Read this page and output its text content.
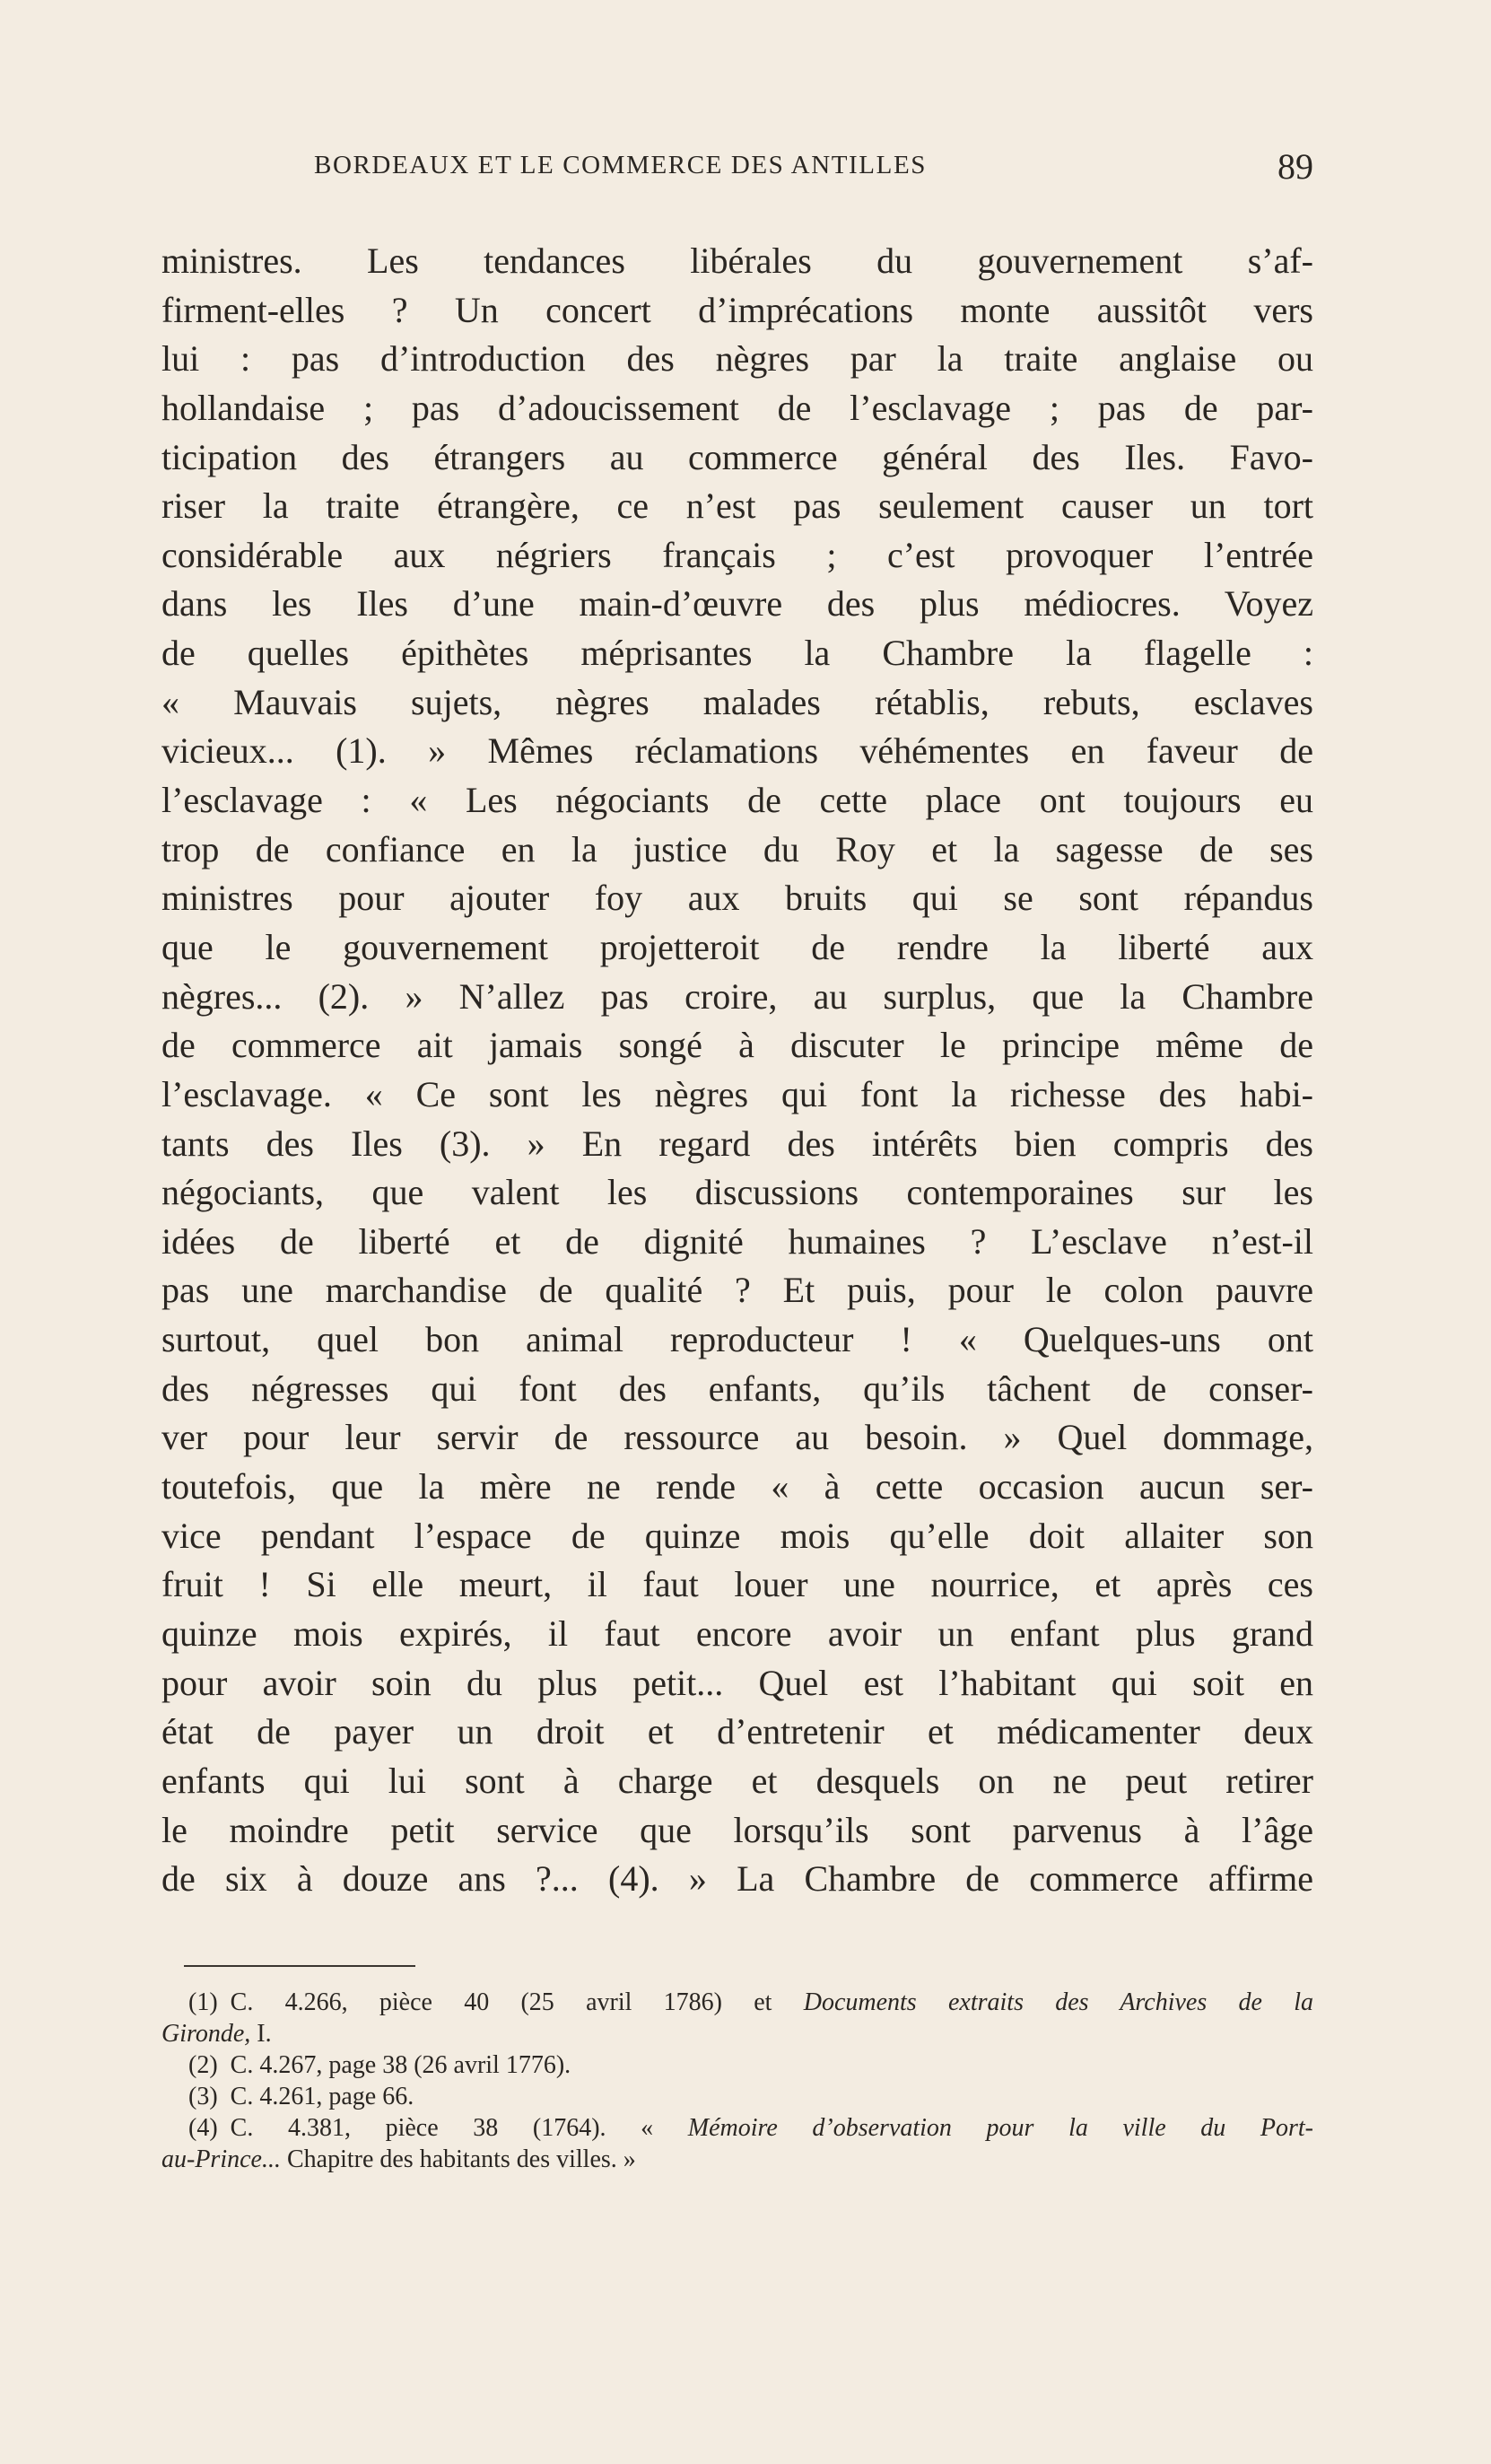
BORDEAUX ET LE COMMERCE DES ANTILLES	89
ministres. Les tendances libérales du gouvernement s’af-
firment-elles ? Un concert d’imprécations monte aussitôt vers
lui : pas d’introduction des nègres par la traite anglaise ou
hollandaise ; pas d’adoucissement de l’esclavage ; pas de par-
ticipation des étrangers au commerce général des Iles. Favo-
riser la traite étrangère, ce n’est pas seulement causer un tort
considérable aux négriers français ; c’est provoquer l’entrée
dans les Iles d’une main-d’œuvre des plus médiocres. Voyez
de quelles épithètes méprisantes la Chambre la flagelle :
« Mauvais sujets, nègres malades rétablis, rebuts, esclaves
vicieux... (1). » Mêmes réclamations véhémentes en faveur de
l’esclavage : « Les négociants de cette place ont toujours eu
trop de confiance en la justice du Roy et la sagesse de ses
ministres pour ajouter foy aux bruits qui se sont répandus
que le gouvernement projetteroit de rendre la liberté aux
nègres... (2). » N’allez pas croire, au surplus, que la Chambre
de commerce ait jamais songé à discuter le principe même de
l’esclavage. « Ce sont les nègres qui font la richesse des habi-
tants des Iles (3). » En regard des intérêts bien compris des
négociants, que valent les discussions contemporaines sur les
idées de liberté et de dignité humaines ? L’esclave n’est-il
pas une marchandise de qualité ? Et puis, pour le colon pauvre
surtout, quel bon animal reproducteur ! « Quelques-uns ont
des négresses qui font des enfants, qu’ils tâchent de conser-
ver pour leur servir de ressource au besoin. » Quel dommage,
toutefois, que la mère ne rende « à cette occasion aucun ser-
vice pendant l’espace de quinze mois qu’elle doit allaiter son
fruit ! Si elle meurt, il faut louer une nourrice, et après ces
quinze mois expirés, il faut encore avoir un enfant plus grand
pour avoir soin du plus petit... Quel est l’habitant qui soit en
état de payer un droit et d’entretenir et médicamenter deux
enfants qui lui sont à charge et desquels on ne peut retirer
le moindre petit service que lorsqu’ils sont parvenus à l’âge
de six à douze ans ?... (4). » La Chambre de commerce affirme
(1) C. 4.266, pièce 40 (25 avril 1786) et Documents extraits des Archives de la
Gironde, I.
(2) C. 4.267, page 38 (26 avril 1776).
(3) C. 4.261, page 66.
(4) C. 4.381, pièce 38 (1764). « Mémoire d’observation pour la ville du Port-
au-Prince... Chapitre des habitants des villes. »
